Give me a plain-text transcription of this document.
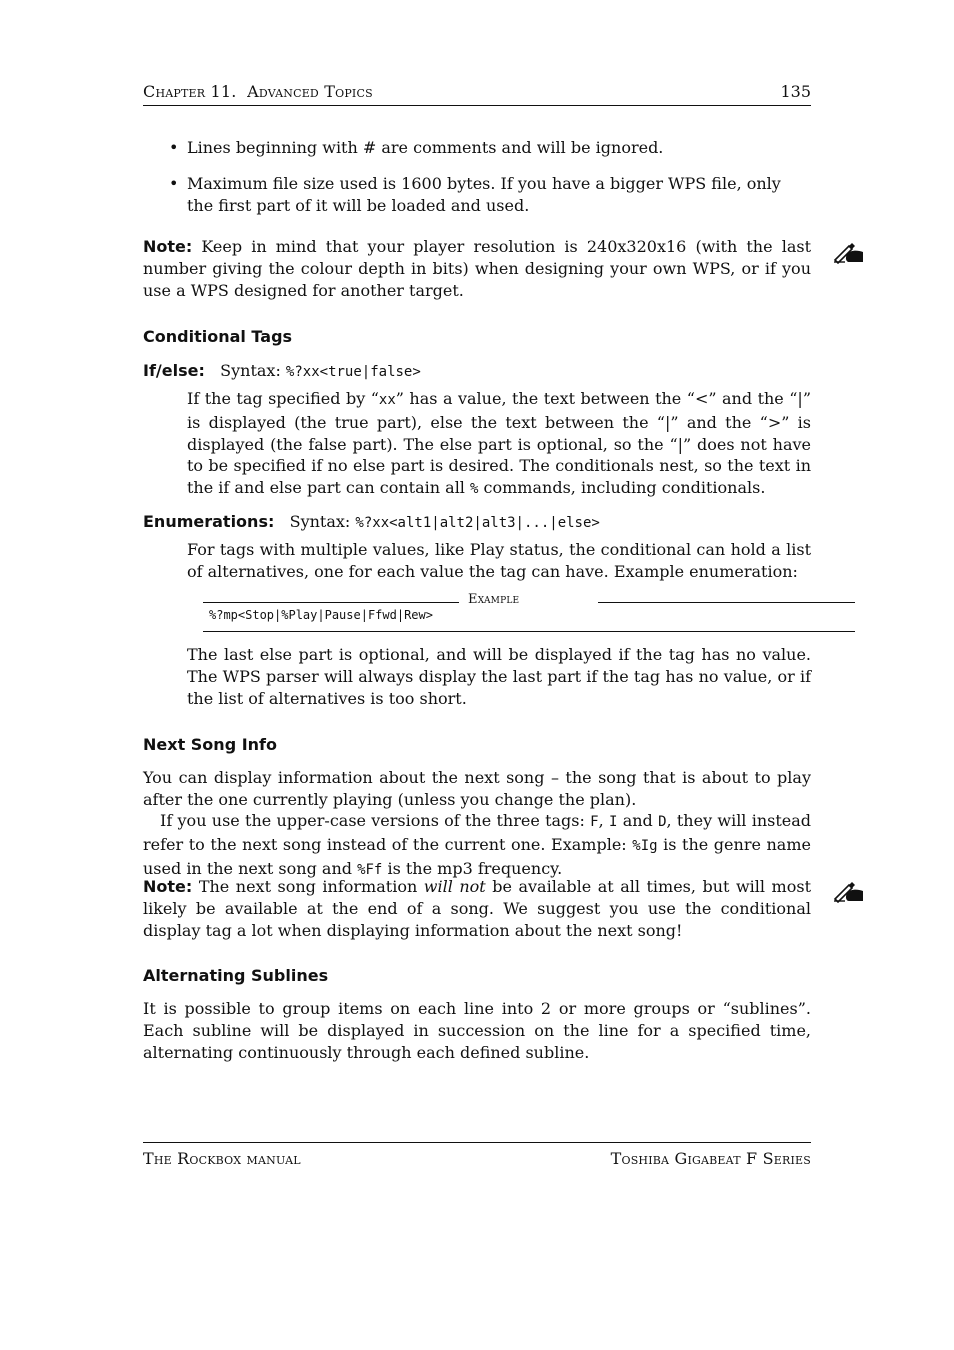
Chapter 11. Advanced Topics	135
• Lines beginning with # are comments and will be ignored.
• Maximum file size used is 1600 bytes. If you have a bigger WPS file, only the first part of it will be loaded and used.
Note: Keep in mind that your player resolution is 240x320x16 (with the last number giving the colour depth in bits) when designing your own WPS, or if you use a WPS designed for another target.
Conditional Tags
If/else: Syntax: %?xx<true|false>
If the tag specified by “xx” has a value, the text between the “<” and the “|” is displayed (the true part), else the text between the “|” and the “>” is displayed (the false part). The else part is optional, so the “|” does not have to be specified if no else part is desired. The conditionals nest, so the text in the if and else part can contain all % commands, including conditionals.
Enumerations: Syntax: %?xx<alt1|alt2|alt3|...|else>
For tags with multiple values, like Play status, the conditional can hold a list of alternatives, one for each value the tag can have. Example enumeration:
Example
%?mp<Stop|%Play|Pause|Ffwd|Rew>
The last else part is optional, and will be displayed if the tag has no value. The WPS parser will always display the last part if the tag has no value, or if the list of alternatives is too short.
Next Song Info
You can display information about the next song – the song that is about to play after the one currently playing (unless you change the plan).
If you use the upper-case versions of the three tags: F, I and D, they will instead refer to the next song instead of the current one. Example: %Ig is the genre name used in the next song and %Ff is the mp3 frequency.
Note: The next song information will not be available at all times, but will most likely be available at the end of a song. We suggest you use the conditional display tag a lot when displaying information about the next song!
Alternating Sublines
It is possible to group items on each line into 2 or more groups or “sublines”. Each subline will be displayed in succession on the line for a specified time, alternating continuously through each defined subline.
The Rockbox manual	Toshiba Gigabeat F Series
